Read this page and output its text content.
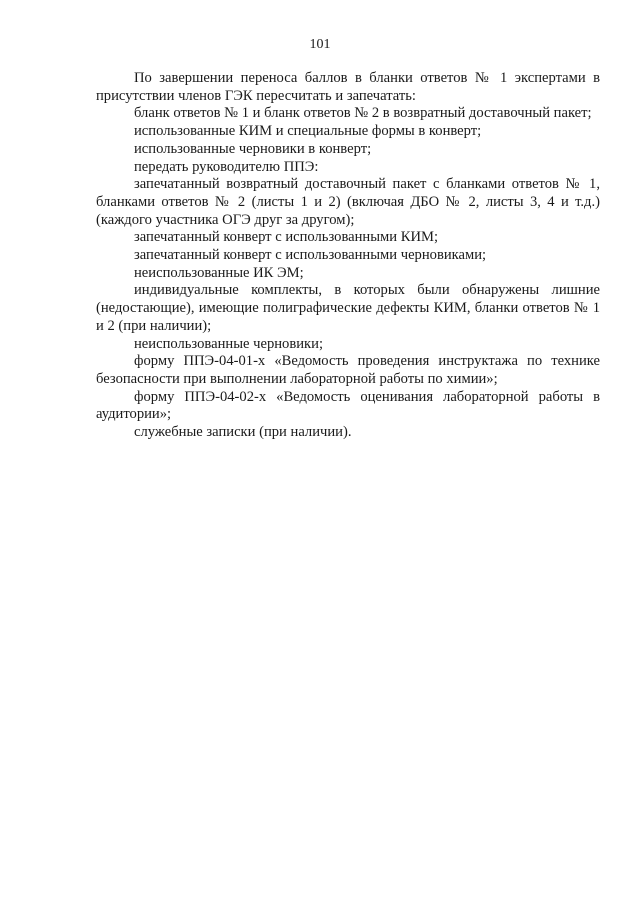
101

По завершении переноса баллов в бланки ответов № 1 экспертами в присутствии членов ГЭК пересчитать и запечатать:

бланк ответов № 1 и бланк ответов № 2 в возвратный доставочный пакет;

использованные КИМ и специальные формы в конверт;

использованные черновики в конверт;

передать руководителю ППЭ:

запечатанный возвратный доставочный пакет с бланками ответов № 1, бланками ответов № 2 (листы 1 и 2) (включая ДБО № 2, листы 3, 4 и т.д.) (каждого участника ОГЭ друг за другом);

запечатанный конверт с использованными КИМ;

запечатанный конверт с использованными черновиками;

неиспользованные ИК ЭМ;

индивидуальные комплекты, в которых были обнаружены лишние (недостающие), имеющие полиграфические дефекты КИМ, бланки ответов № 1 и 2 (при наличии);

неиспользованные черновики;

форму ППЭ-04-01-х «Ведомость проведения инструктажа по технике безопасности при выполнении лабораторной работы по химии»;

форму ППЭ-04-02-х «Ведомость оценивания лабораторной работы в аудитории»;

служебные записки (при наличии).
